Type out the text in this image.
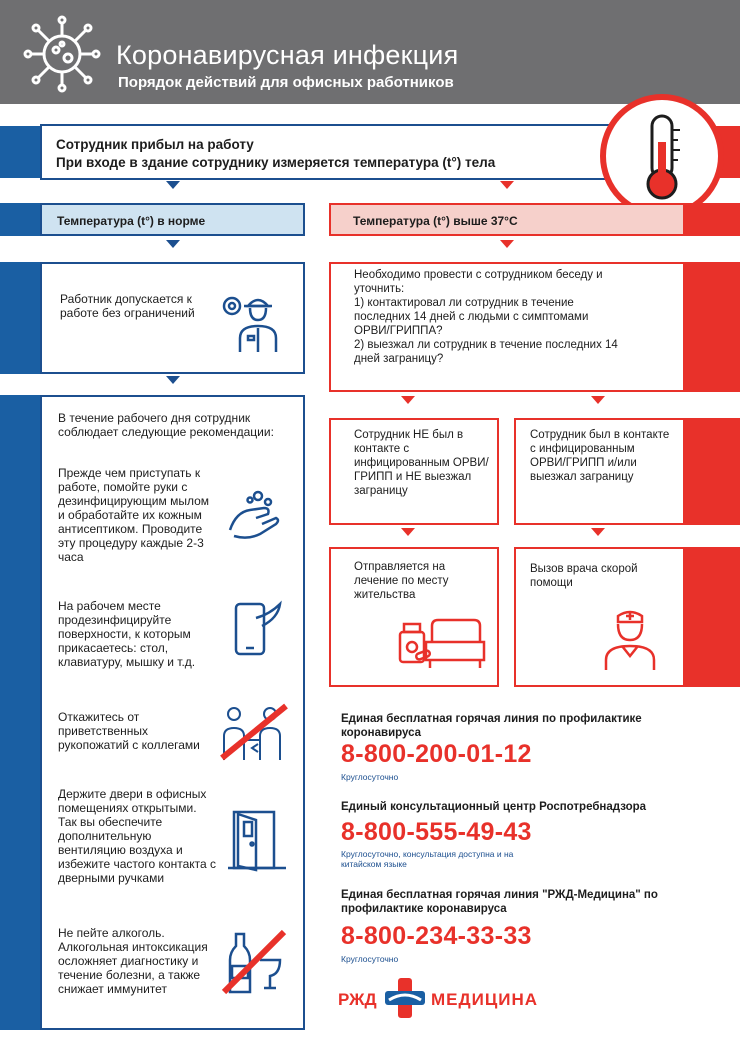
Коронавирусная инфекция
Порядок действий для офисных работников
Сотрудник прибыл на работу
При входе в здание сотруднику измеряется температура (t°) тела
Температура (t°) в норме	Температура (t°) выше 37°С
Работник допускается к работе без ограничений
Необходимо провести с сотрудником беседу и
уточнить:
1) контактировал ли сотрудник в течение
последних 14 дней с людьми с симптомами
ОРВИ/ГРИППА?
2) выезжал ли сотрудник в течение последних 14
дней заграницу?
В течение рабочего дня сотрудник соблюдает следующие рекомендации:
Прежде чем приступать к работе, помойте руки с дезинфицирующим мылом и обработайте их кожным антисептиком. Проводите эту процедуру каждые 2-3 часа
На рабочем месте продезинфицируйте поверхности, к которым прикасаетесь: стол, клавиатуру, мышку и т.д.
Откажитесь от приветственных рукопожатий с коллегами
Держите двери в офисных помещениях открытыми. Так вы обеспечите дополнительную вентиляцию воздуха и избежите частого контакта с дверными ручками
Не пейте алкоголь. Алкогольная интоксикация осложняет диагностику и течение болезни, а также снижает иммунитет
Сотрудник НЕ был в контакте с инфицированным ОРВИ/ГРИПП и НЕ выезжал заграницу
Сотрудник был в контакте с инфицированным ОРВИ/ГРИПП и/или выезжал заграницу
Отправляется на лечение по месту жительства
Вызов врача скорой помощи
Единая бесплатная горячая линия по профилактике коронавируса
8-800-200-01-12
Круглосуточно
Единый консультационный центр Роспотребнадзора
8-800-555-49-43
Круглосуточно, консультация доступна и на китайском языке
Единая бесплатная горячая линия "РЖД-Медицина" по профилактике коронавируса
8-800-234-33-33
Круглосуточно
РЖД	МЕДИЦИНА
